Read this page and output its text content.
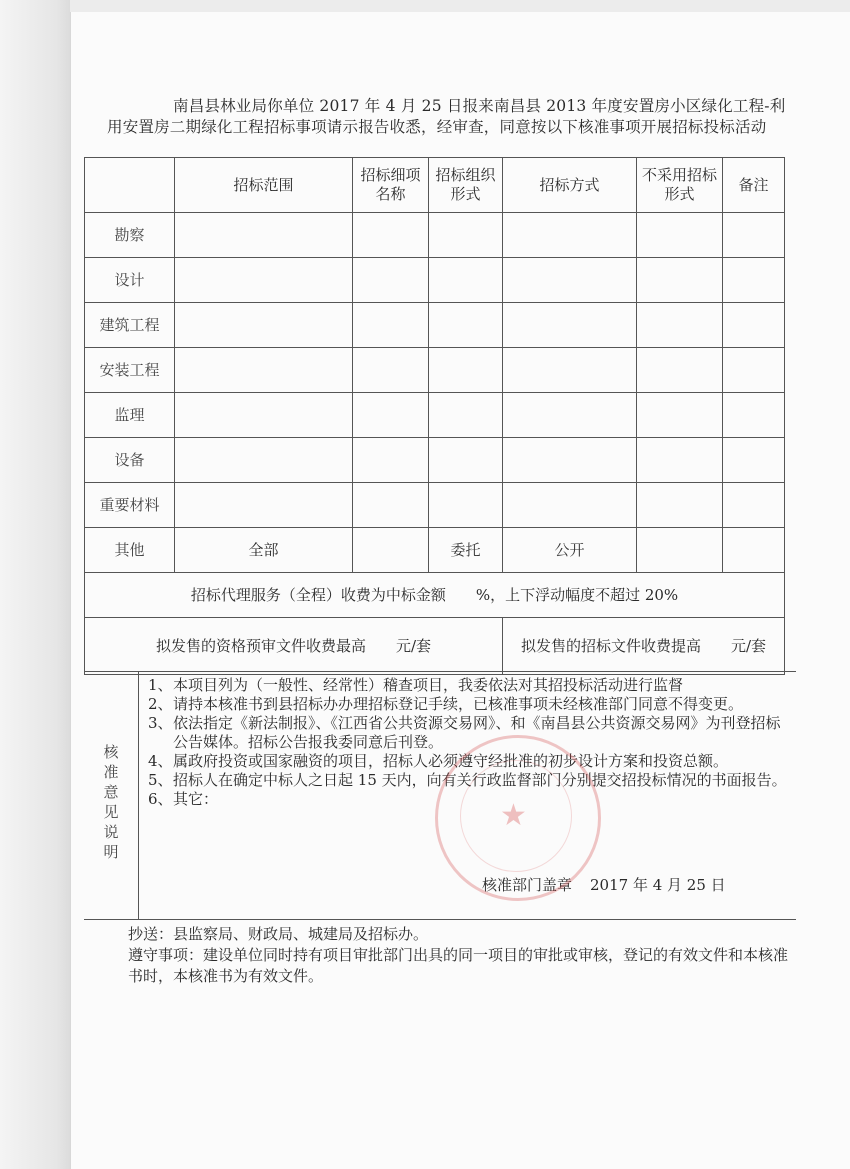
南昌县林业局你单位 2017 年 4 月 25 日报来南昌县 2013 年度安置房小区绿化工程-利用安置房二期绿化工程招标事项请示报告收悉，经审查，同意按以下核准事项开展招标投标活动

	招标范围	招标细项名称	招标组织形式	招标方式	不采用招标形式	备注
勘察						
设计						
建筑工程						
安装工程						
监理						
设备						
重要材料						
其他	全部		委托	公开		
招标代理服务（全程）收费为中标金额　　%，上下浮动幅度不超过 20%						
拟发售的资格预审文件收费最高　　元/套				拟发售的招标文件收费提高　　元/套		
核准意见说明
1、 本项目列为（一般性、经常性）稽查项目，我委依法对其招投标活动进行监督
2、 请持本核准书到县招标办办理招标登记手续，已核准事项未经核准部门同意不得变更。
3、 依法指定《新法制报》、《江西省公共资源交易网》、和《南昌县公共资源交易网》为刊登招标公告媒体。招标公告报我委同意后刊登。
4、 属政府投资或国家融资的项目，招标人必须遵守经批准的初步设计方案和投资总额。
5、 招标人在确定中标人之日起 15 天内，向有关行政监督部门分别提交招投标情况的书面报告。
6、 其它：
核准部门盖章 2017 年 4 月 25 日
★
抄送：县监察局、财政局、城建局及招标办。
遵守事项：建设单位同时持有项目审批部门出具的同一项目的审批或审核，登记的有效文件和本核准书时，本核准书为有效文件。
